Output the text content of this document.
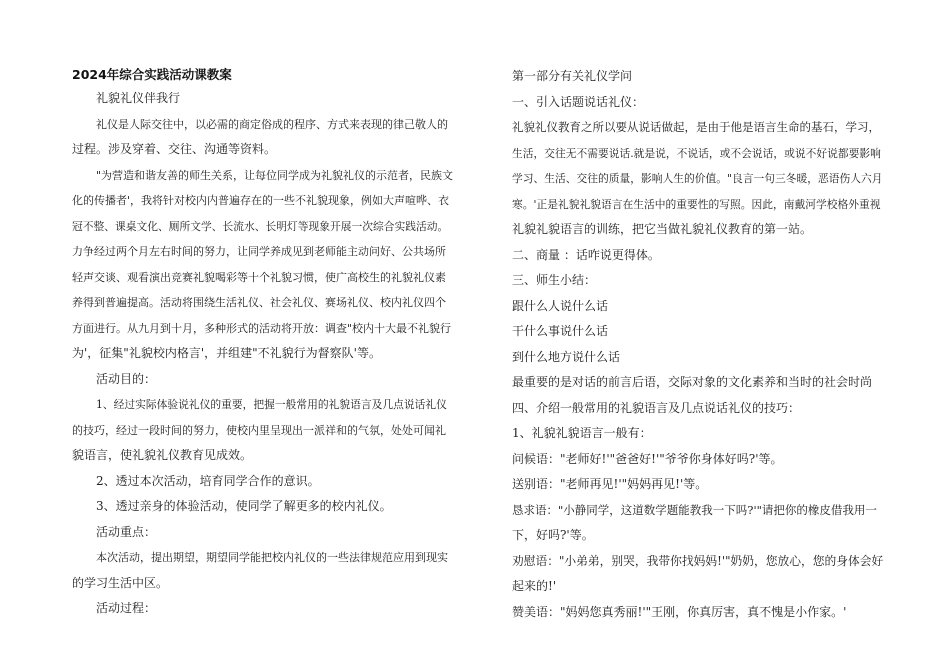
2024年综合实践活动课教案
礼貌礼仪伴我行
礼仪是人际交往中，以必需的商定俗成的程序、方式来表现的律己敬人的
过程。涉及穿着、交往、沟通等资料。
"为营造和谐友善的师生关系，让每位同学成为礼貌礼仪的示范者，民族文
化的传播者'，我将针对校内内普遍存在的一些不礼貌现象，例如大声喧哗、衣
冠不整、课桌文化、厕所文学、长流水、长明灯等现象开展一次综合实践活动。
力争经过两个月左右时间的努力，让同学养成见到老师能主动问好、公共场所
轻声交谈、观看演出竞赛礼貌喝彩等十个礼貌习惯，使广高校生的礼貌礼仪素
养得到普遍提高。活动将围绕生活礼仪、社会礼仪、赛场礼仪、校内礼仪四个
方面进行。从九月到十月，多种形式的活动将开放：调查"校内十大最不礼貌行
为'，征集"礼貌校内格言'，并组建"不礼貌行为督察队'等。
活动目的：
1、经过实际体验说礼仪的重要，把握一般常用的礼貌语言及几点说话礼仪
的技巧，经过一段时间的努力，使校内里呈现出一派祥和的气氛，处处可闻礼
貌语言，使礼貌礼仪教育见成效。
2、透过本次活动，培育同学合作的意识。
3、透过亲身的体验活动，使同学了解更多的校内礼仪。
活动重点：
本次活动，提出期望，期望同学能把校内礼仪的一些法律规范应用到现实
的学习生活中区。
活动过程：
第一部分有关礼仪学问
一、引入话题说话礼仪：
礼貌礼仪教育之所以要从说话做起，是由于他是语言生命的基石，学习，
生活，交往无不需要说话.就是说，不说话，或不会说话，或说不好说都要影响
学习、生活、交往的质量，影响人生的价值。"良言一句三冬暖，恶语伤人六月
寒。'正是礼貌礼貌语言在生活中的重要性的写照。因此，南戴河学校格外重视
礼貌礼貌语言的训练，把它当做礼貌礼仪教育的第一站。
二、商量 ：话咋说更得体。
三、师生小结：
跟什么人说什么话
干什么事说什么话
到什么地方说什么话
最重要的是对话的前言后语，交际对象的文化素养和当时的社会时尚
四、介绍一般常用的礼貌语言及几点说话礼仪的技巧：
1、礼貌礼貌语言一般有：
问候语："老师好!'"爸爸好!'"爷爷你身体好吗?'等。
送别语："老师再见!'"妈妈再见!'等。
恳求语："小静同学，这道数学题能教我一下吗?'"请把你的橡皮借我用一
下，好吗?'等。
劝慰语："小弟弟，别哭，我带你找妈妈!'"奶奶，您放心，您的身体会好
起来的!'
赞美语："妈妈您真秀丽!'"王刚，你真厉害，真不愧是小作家。'
